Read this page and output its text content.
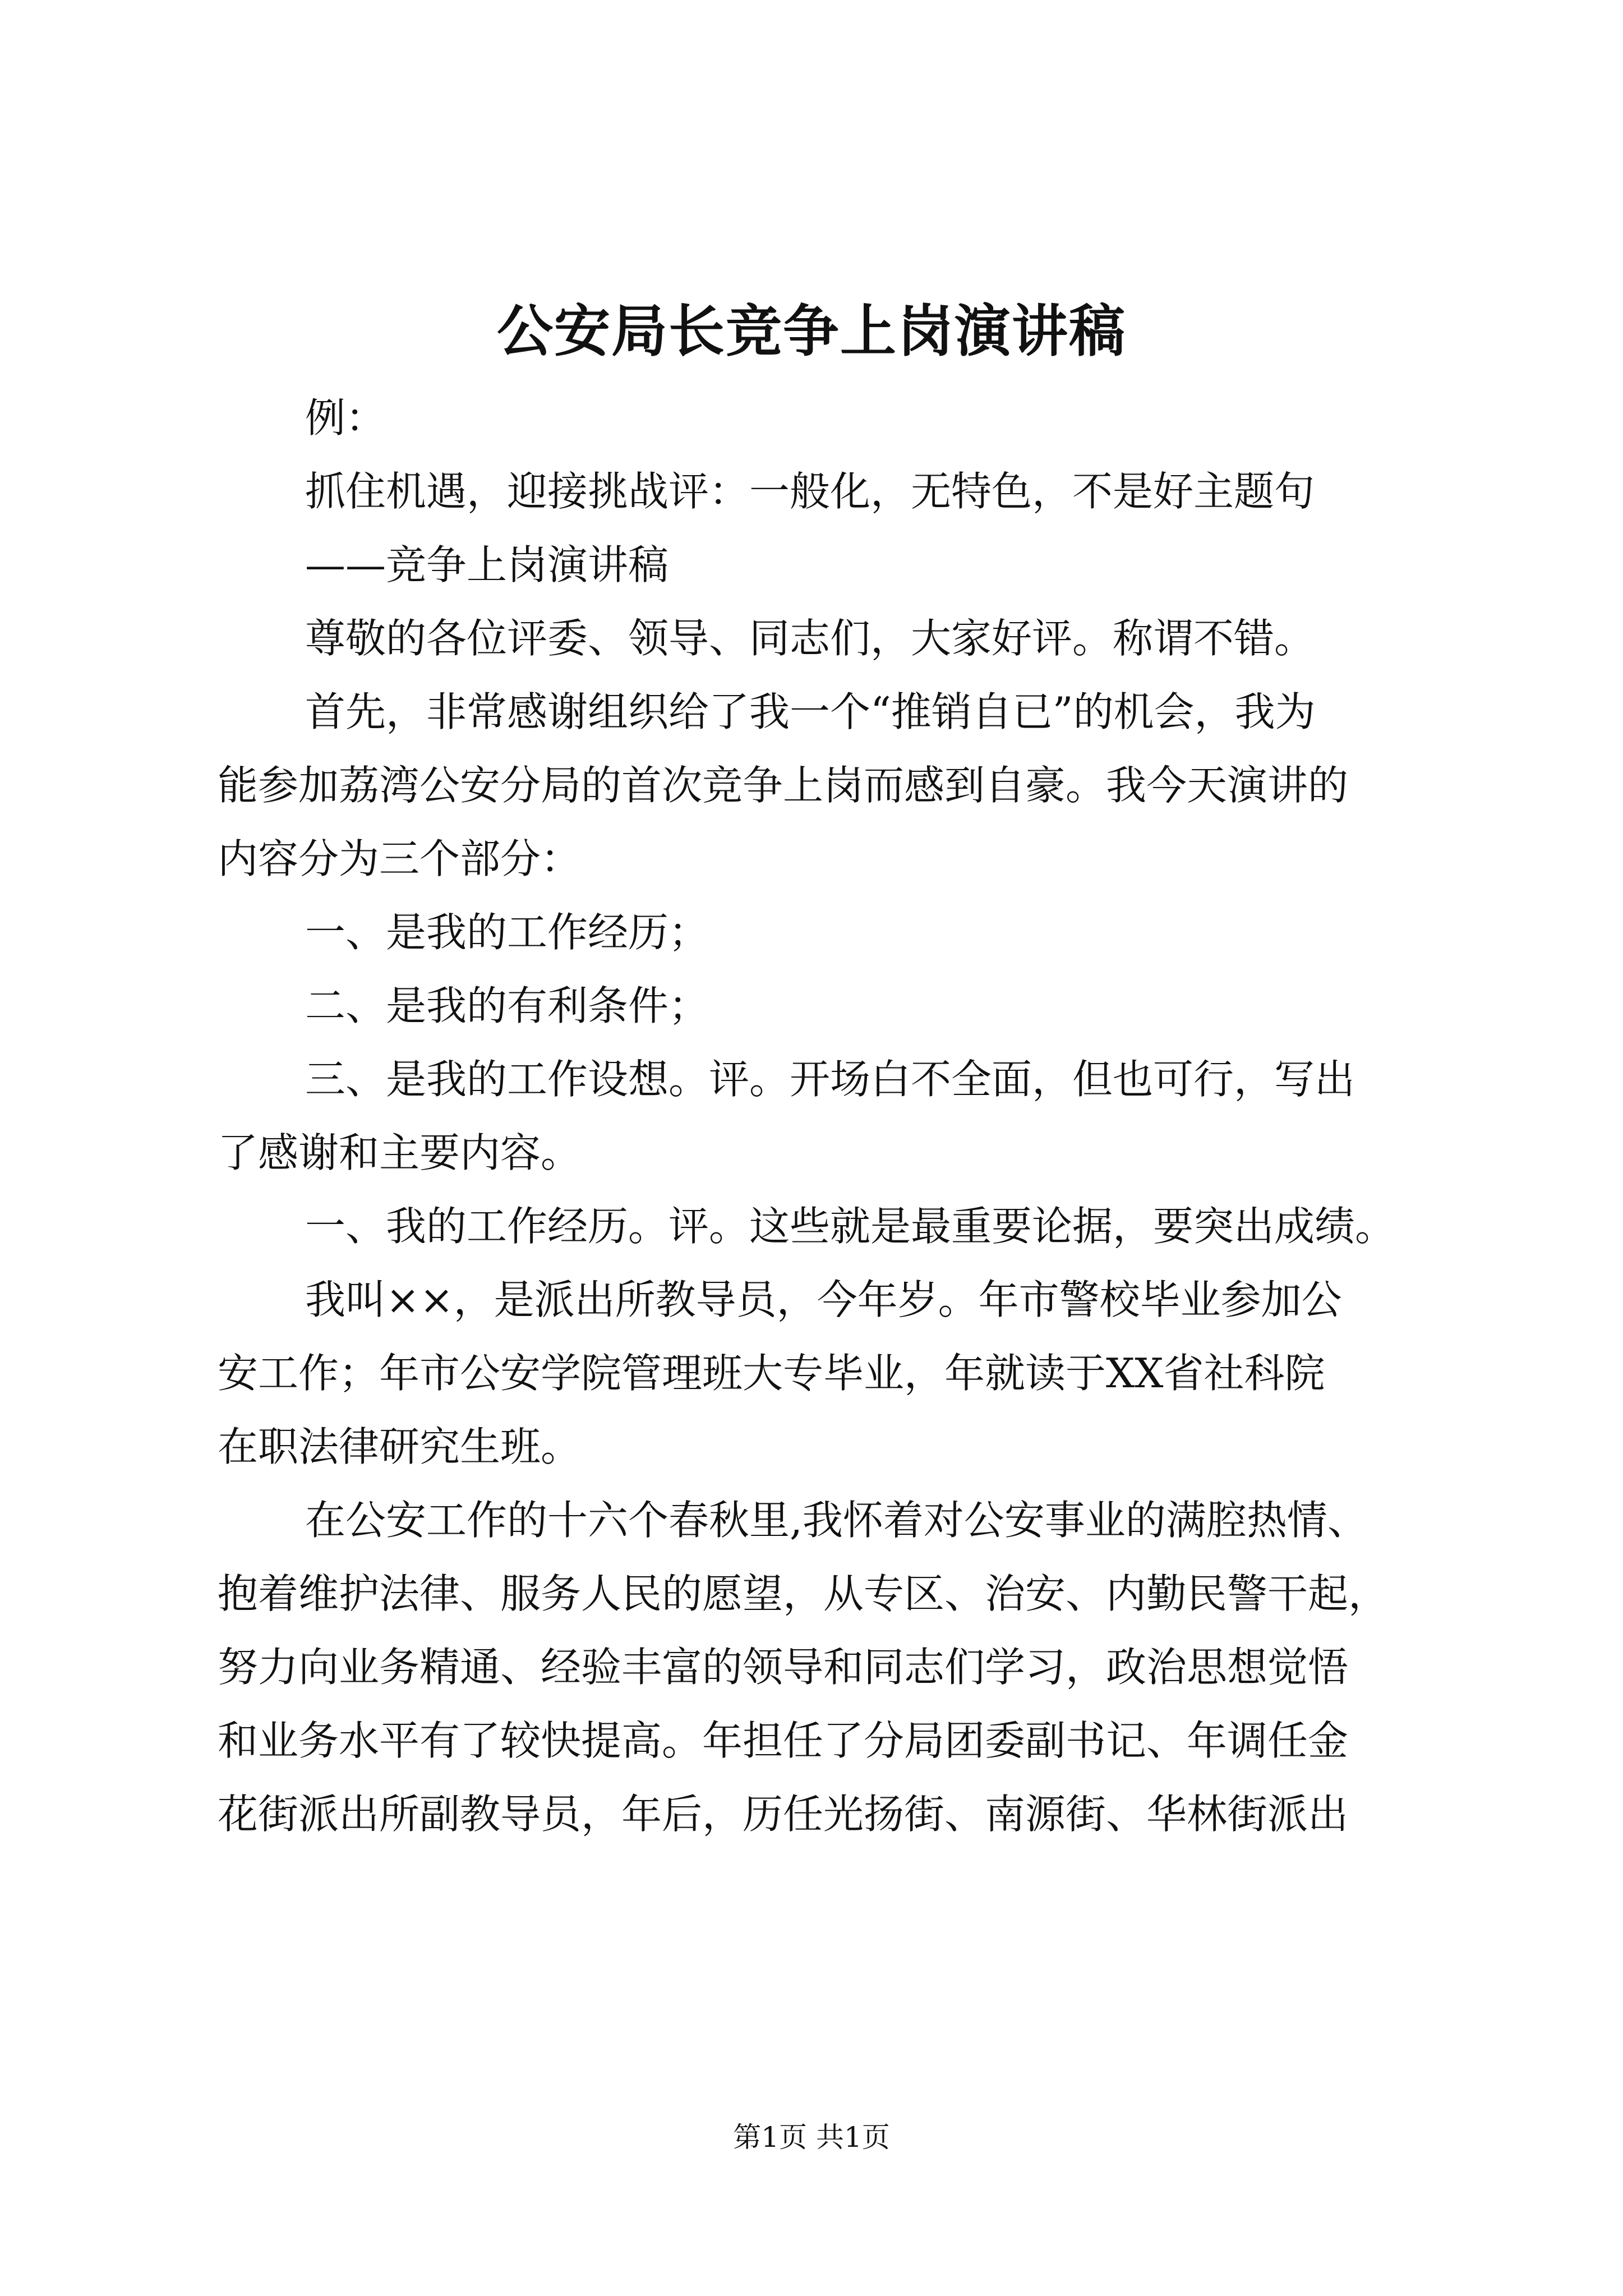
公安局长竞争上岗演讲稿
例：
抓住机遇，迎接挑战评：一般化，无特色，不是好主题句
——竞争上岗演讲稿
尊敬的各位评委、领导、同志们，大家好评。称谓不错。
首先，非常感谢组织给了我一个“推销自已”的机会，我为
能参加荔湾公安分局的首次竞争上岗而感到自豪。我今天演讲的
内容分为三个部分：
一、是我的工作经历；
二、是我的有利条件；
三、是我的工作设想。评。开场白不全面，但也可行，写出
了感谢和主要内容。
一、我的工作经历。评。这些就是最重要论据，要突出成绩。
我叫××，是派出所教导员，今年岁。年市警校毕业参加公
安工作；年市公安学院管理班大专毕业，年就读于XX省社科院
在职法律研究生班。
在公安工作的十六个春秋里,我怀着对公安事业的满腔热情、
抱着维护法律、服务人民的愿望，从专区、治安、内勤民警干起，
努力向业务精通、经验丰富的领导和同志们学习，政治思想觉悟
和业务水平有了较快提高。年担任了分局团委副书记、年调任金
花街派出所副教导员，年后，历任光扬街、南源街、华林街派出
第1页 共1页
